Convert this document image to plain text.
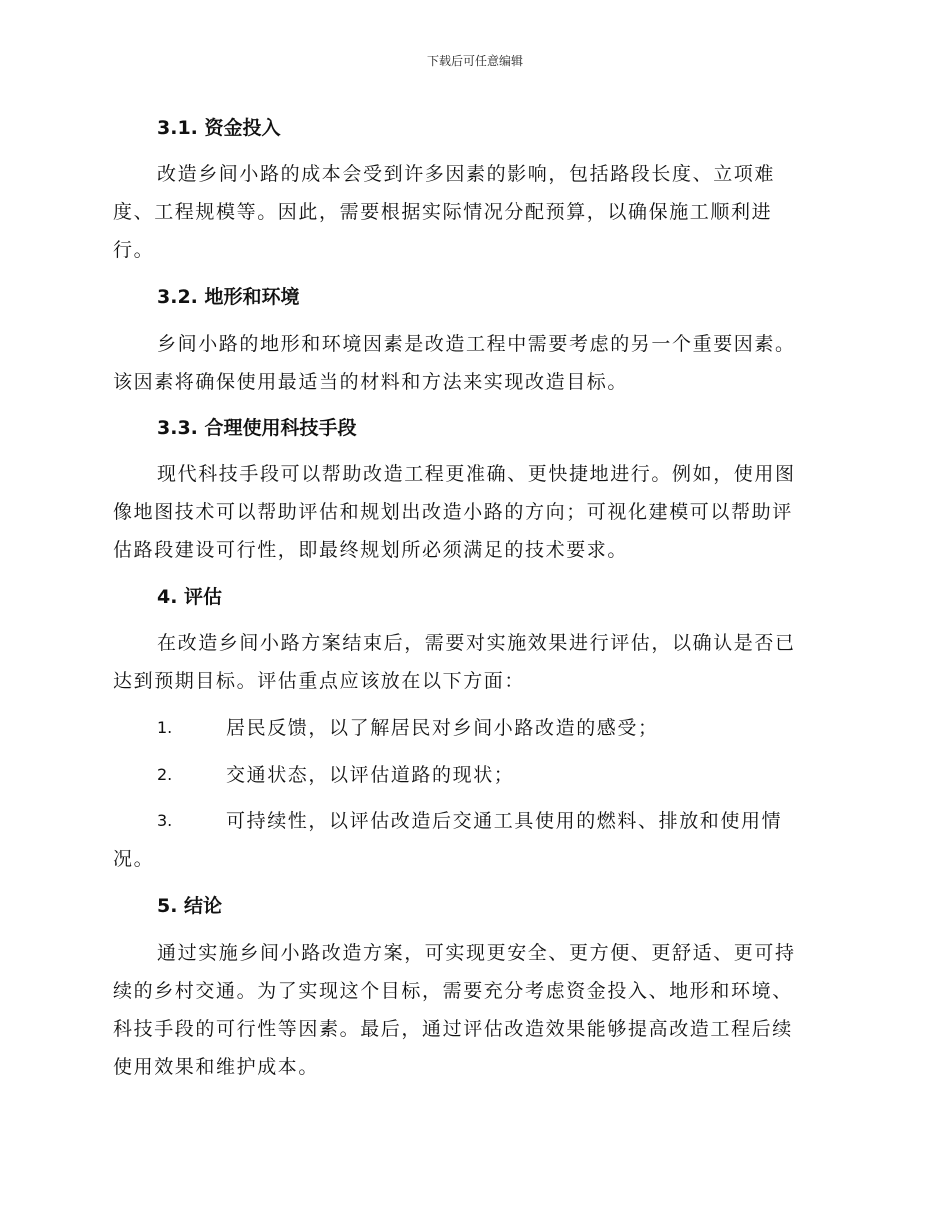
下载后可任意编辑
3.1. 资金投入
改造乡间小路的成本会受到许多因素的影响，包括路段长度、立项难
度、工程规模等。因此，需要根据实际情况分配预算，以确保施工顺利进
行。
3.2. 地形和环境
乡间小路的地形和环境因素是改造工程中需要考虑的另一个重要因素。
该因素将确保使用最适当的材料和方法来实现改造目标。
3.3. 合理使用科技手段
现代科技手段可以帮助改造工程更准确、更快捷地进行。例如，使用图
像地图技术可以帮助评估和规划出改造小路的方向；可视化建模可以帮助评
估路段建设可行性，即最终规划所必须满足的技术要求。
4. 评估
在改造乡间小路方案结束后，需要对实施效果进行评估，以确认是否已
达到预期目标。评估重点应该放在以下方面：
1.	居民反馈，以了解居民对乡间小路改造的感受；
2.	交通状态，以评估道路的现状；
3.	可持续性，以评估改造后交通工具使用的燃料、排放和使用情
况。
5. 结论
通过实施乡间小路改造方案，可实现更安全、更方便、更舒适、更可持
续的乡村交通。为了实现这个目标，需要充分考虑资金投入、地形和环境、
科技手段的可行性等因素。最后，通过评估改造效果能够提高改造工程后续
使用效果和维护成本。
